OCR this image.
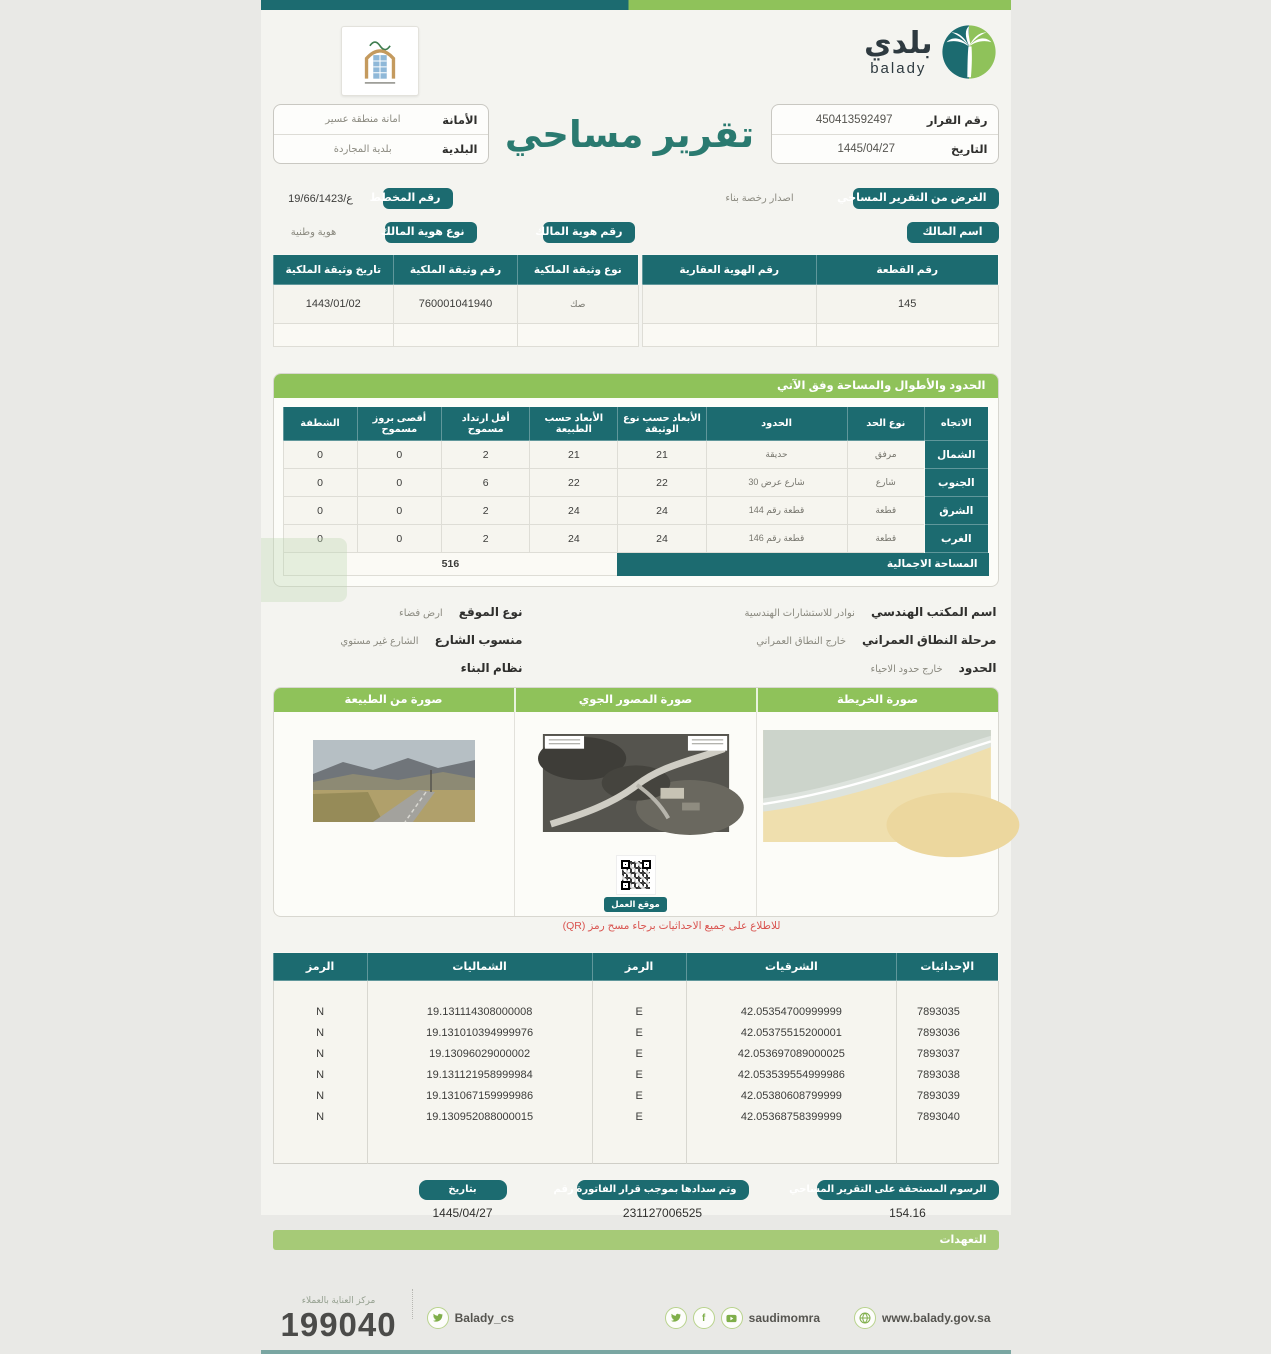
بلدي
balady
رقم القرار
450413592497
التاريخ
1445/04/27
تقرير مساحي
الأمانة
امانة منطقة عسير
البلدية
بلدية المجاردة
الغرض من التقرير المساحي
اصدار رخصة بناء
رقم المخطط
19/ع/66/1423
اسم المالك
رقم هوية المالك
نوع هوية المالك
هوية وطنية
رقم القطعة	رقم الهوية العقارية
145	

نوع وثيقة الملكية	رقم وثيقة الملكية	تاريخ وثيقة الملكية
صك	760001041940	1443/01/02

الحدود والأطوال والمساحة وفق الآتي
الاتجاه	نوع الحد	الحدود	الأبعاد حسب نوع الوثيقة	الأبعاد حسب الطبيعة	أقل ارتداد مسموح	أقصى بروز مسموح	الشطفة
الشمال	مرفق	حديقة	21	21	2	0	0
الجنوب	شارع	شارع عرض 30	22	22	6	0	0
الشرق	قطعة	قطعة رقم 144	24	24	2	0	0
الغرب	قطعة	قطعة رقم 146	24	24	2	0	0
المساحة الاجمالية				516			
اسم المكتب الهندسي
نوادر للاستشارات الهندسية
نوع الموقع
ارض فضاء
مرحلة النطاق العمراني
خارج النطاق العمراني
منسوب الشارع
الشارع غير مستوي
الحدود
خارج حدود الاحياء
نظام البناء
صورة الخريطة
صورة المصور الجوي
صورة من الطبيعة
موقع العمل
للاطلاع على جميع الاحداثيات برجاء مسح رمز (QR)
الإحداثيات	الشرقيات	الرمز	الشماليات	الرمز

7893035	42.05354700999999	E	19.131114308000008	N
7893036	42.05375515200001	E	19.131010394999976	N
7893037	42.053697089000025	E	19.13096029000002	N
7893038	42.053539554999986	E	19.131121958999984	N
7893039	42.05380608799999	E	19.131067159999986	N
7893040	42.05368758399999	E	19.130952088000015	N

الرسوم المستحقة على التقرير المساحي
154.16
وتم سدادها بموجب قرار الفاتورة رقم
231127006525
بتاريخ
1445/04/27
التعهدات
مركز العناية بالعملاء
199040	Balady_cs	f	saudimomra	www.balady.gov.sa
